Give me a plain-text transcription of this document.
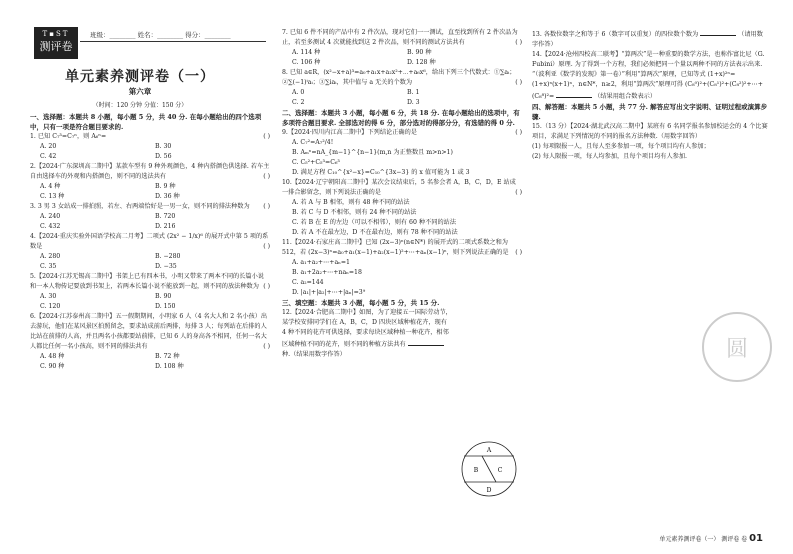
T▪ST
测评卷
班级：________ 姓名：________ 得分：________
单元素养测评卷（一）
第六章
（时间：120 分钟 分值：150 分）

一、选择题：本题共 8 小题，每小题 5 分，共 40 分. 在每小题给出的四个选项中，只有一项是符合题目要求的.

1. 已知 C₇³=C₇ⁿ，则 A₆ⁿ=	( )

A. 20	B. 30
C. 42	D. 56

2.【2024·广东深圳高二期中】某款车型有 9 种外观颜色，4 种内搭颜色供选择. 若车主自由选择车的外观和内搭颜色，则不同的选法共有	( )

A. 4 种	B. 9 种
C. 13 种	D. 36 种

3. 3 男 3 女站成一排拍照，若左、右两端恰好是一男一女，则不同的排法种数为 ( )

A. 240	B. 720
C. 432	D. 216

4.【2024·重庆实验外国语学校高二月考】二项式 (2x² − 1/x)⁶ 的展开式中第 5 项的系数是	( )

A. 280	B. −280
C. 35	D. −35

5.【2024·江苏无锡高二期中】书架上已有四本书，小明又带来了两本不同的长篇小说和一本人物传记要放到书架上，若两本长篇小说不能放到一起，则不同的放法种数为 ( )

A. 30	B. 90
C. 120	D. 150

6.【2024·江苏泰州高二期中】五一假期期间，小明家 6 人（4 名大人和 2 名小孩）出去游玩，他们在某风景区拍照留念，要求站成前后两排，每排 3 人；每列站在后排的人比站在前排的人高，并且两名小孩都要站前排，已知 6 人的身高各不相同，任何一名大人都比任何一名小孩高，则不同的排法共有	( )

A. 48 种	B. 72 种
C. 90 种	D. 108 种

7. 已知 6 件不同的产品中有 2 件次品，现对它们一一测试，直至找到所有 2 件次品为止，若至多测试 4 次就能找到这 2 件次品，则不同的测试方法共有	( )

A. 114 种	B. 90 种
C. 106 种	D. 128 种

8. 已知 a∈R，(x²−x+a)³=a₀+a₁x+a₂x²+⋯+a₆x⁶，给出下列三个代数式：①∑aᵢ；②∑(−1)ⁱaᵢ；③∑iaᵢ，其中值与 a 无关的个数为	( )

A. 0	B. 1
C. 2	D. 3

二、选择题：本题共 3 小题，每小题 6 分，共 18 分. 在每小题给出的选项中，有多项符合题目要求. 全部选对的得 6 分，部分选对的得部分分，有选错的得 0 分.

9.【2024·四川内江高二期中】下列结论正确的是	( )

A. C₇²=A₇²/4!
B. Aₘⁿ=nA_{m−1}^{n−1}(m,n 为正整数且 m>n>1)
C. C₅²+C₅³=C₆³
D. 满足方程 C₁₀^{x²−x}=C₁₀^{3x−3} 的 x 值可能为 1 或 3

10.【2024·辽宁朝阳高二期中】某次会议结束后，5 名参会者 A，B，C，D，E 站成一排合影留念，则下列说法正确的是	( )

A. 若 A 与 B 相邻，则有 48 种不同的站法
B. 若 C 与 D 不相邻，则有 24 种不同的站法
C. 若 B 在 E 的左边（可以不相邻），则有 60 种不同的站法
D. 若 A 不在最左边，D 不在最右边，则有 78 种不同的站法

11.【2024·石家庄高二期中】已知 (2x−3)ⁿ(n∈N*) 的展开式的二项式系数之和为 512，若 (2x−3)ⁿ=a₀+a₁(x−1)+a₂(x−1)²+⋯+aₙ(x−1)ⁿ，则下列说法正确的是 ( )

A. a₁+a₂+⋯+aₙ=1
B. a₁+2a₂+⋯+naₙ=18
C. a₂=144
D. |a₁|+|a₂|+⋯+|aₙ|=3⁹

三、填空题：本题共 3 小题，每小题 5 分，共 15 分.

12.【2024·合肥高二期中】如图，为了迎接五一国际劳动节，某学校安排同学们在 A，B，C，D 四块区域种植花卉，现有 4 种不同的花卉可供选择，要求每块区域种植一种花卉，相邻区域种植不同的花卉，则不同的种植方法共有  种.（结果用数字作答）

A
B	C
D

13. 各数位数字之和等于 6（数字可以重复）的四位数个数为	（请用数字作答）

14.【2024·沧州四校高二联考】“算两次”是一种重要的数学方法，也称作富比尼（G. Fubini）原理. 为了得到一个方程，我们必须把同一个量以两种不同的方法表示出来. “（波利亚《数学的发现》第一卷）”利用“算两次”原理，已知等式 (1+x)²ⁿ=(1+x)ⁿ(x+1)ⁿ，n∈N*，n≥2，利用“算两次”原理可得 (C₈⁰)²+(C₈¹)²+(C₈²)²+⋯+(C₈⁸)²=	（结果用组合数表示）

四、解答题：本题共 5 小题，共 77 分. 解答应写出文字说明、证明过程或演算步骤.

15.（13 分）【2024·湖北武汉高二期中】某班有 6 名同学报名参加校运会的 4 个比赛项目，求满足下列情况的不同的报名方法种数.（用数字回答）

(1) 每项限报一人，且每人至多参加一项，每个项目均有人参加；

(2) 每人限报一项，每人均参加，且每个项目均有人参加.

圆
单元素养测评卷（一） 测评卷 卷 01
